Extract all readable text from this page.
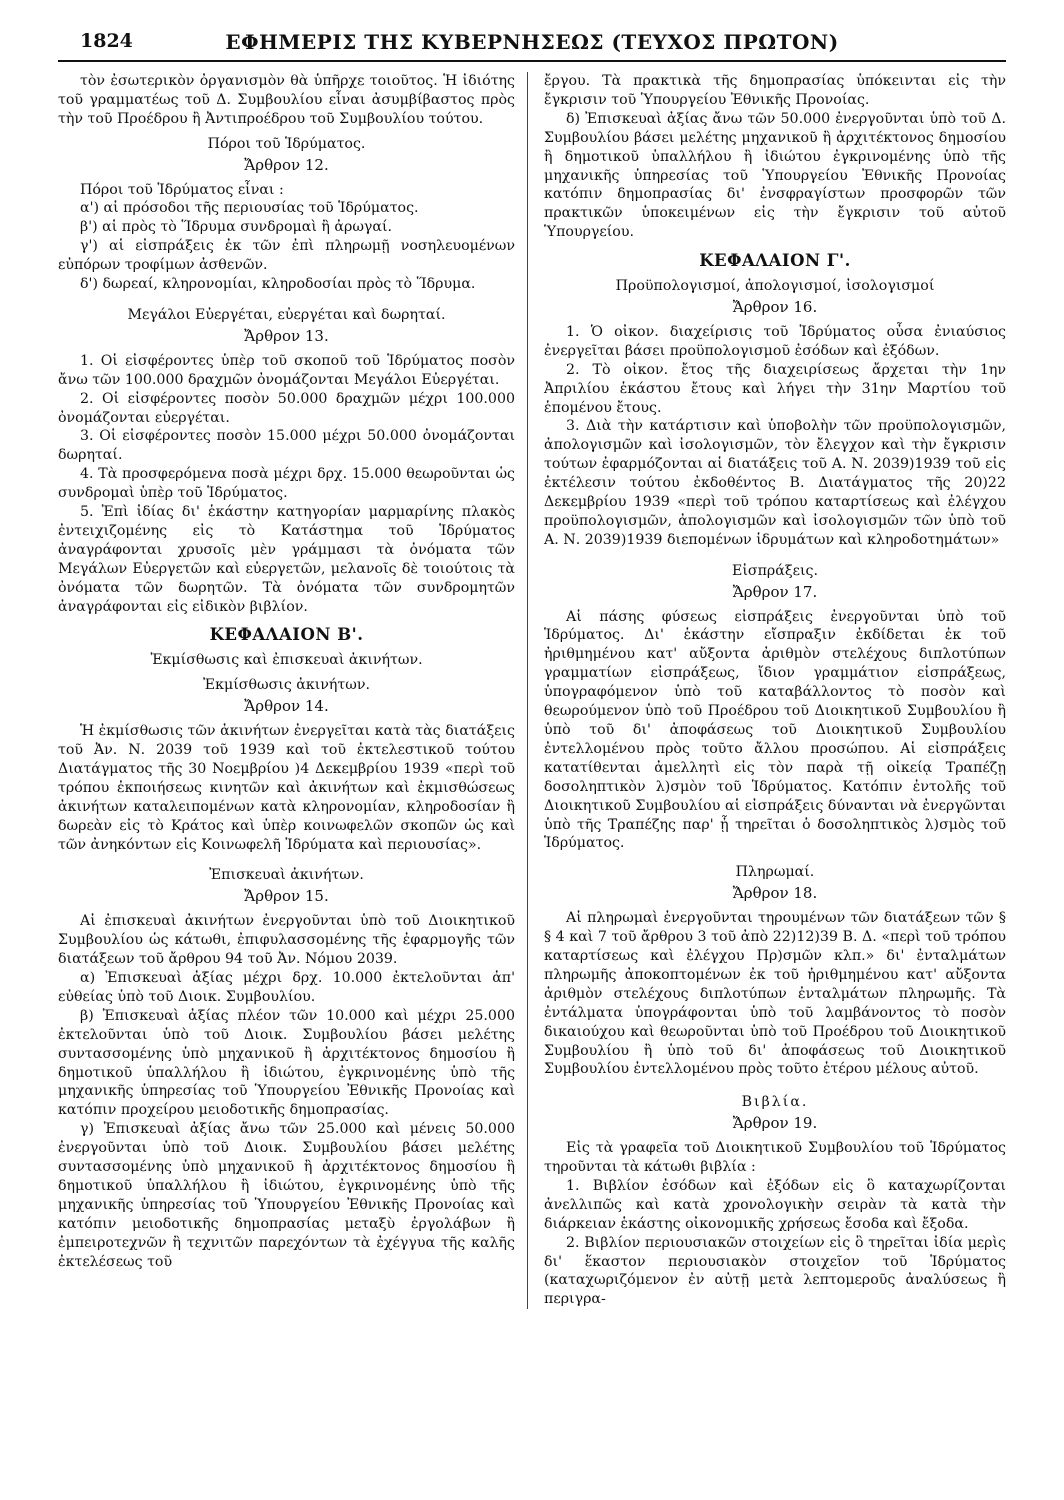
1824	ΕΦΗΜΕΡΙΣ ΤΗΣ ΚΥΒΕΡΝΗΣΕΩΣ (ΤΕΥΧΟΣ ΠΡΩΤΟΝ)

τὸν ἐσωτερικὸν ὀργανισμὸν θὰ ὑπῆρχε τοιοῦτος. Ἡ ἰδιότης τοῦ γραμματέως τοῦ Δ. Συμβουλίου εἶναι ἀσυμβίβαστος πρὸς τὴν τοῦ Προέδρου ἢ Ἀντιπροέδρου τοῦ Συμβουλίου τούτου.

Πόροι τοῦ Ἱδρύματος.
Ἄρθρον 12.

Πόροι τοῦ Ἱδρύματος εἶναι :

α') αἱ πρόσοδοι τῆς περιουσίας τοῦ Ἱδρύματος.

β') αἱ πρὸς τὸ Ἵδρυμα συνδρομαὶ ἢ ἀρωγαί.

γ') αἱ εἰσπράξεις ἐκ τῶν ἐπὶ πληρωμῇ νοσηλευομένων εὐπόρων τροφίμων ἀσθενῶν.

δ') δωρεαί, κληρονομίαι, κληροδοσίαι πρὸς τὸ Ἵδρυμα.

Μεγάλοι Εὐεργέται, εὐεργέται καὶ δωρηταί.
Ἄρθρον 13.

1. Οἱ εἰσφέροντες ὑπὲρ τοῦ σκοποῦ τοῦ Ἱδρύματος ποσὸν ἄνω τῶν 100.000 δραχμῶν ὀνομάζονται Μεγάλοι Εὐεργέται.

2. Οἱ εἰσφέροντες ποσὸν 50.000 δραχμῶν μέχρι 100.000 ὀνομάζονται εὐεργέται.

3. Οἱ εἰσφέροντες ποσὸν 15.000 μέχρι 50.000 ὀνομάζονται δωρηταί.

4. Τὰ προσφερόμενα ποσὰ μέχρι δρχ. 15.000 θεωροῦνται ὡς συνδρομαὶ ὑπὲρ τοῦ Ἱδρύματος.

5. Ἐπὶ ἰδίας δι' ἑκάστην κατηγορίαν μαρμαρίνης πλακὸς ἐντειχιζομένης εἰς τὸ Κατάστημα τοῦ Ἱδρύματος ἀναγράφονται χρυσοῖς μὲν γράμμασι τὰ ὀνόματα τῶν Μεγάλων Εὐεργετῶν καὶ εὐεργετῶν, μελανοῖς δὲ τοιούτοις τὰ ὀνόματα τῶν δωρητῶν. Τὰ ὀνόματα τῶν συνδρομητῶν ἀναγράφονται εἰς εἰδικὸν βιβλίον.

ΚΕΦΑΛΑΙΟΝ Β'.
Ἐκμίσθωσις καὶ ἐπισκευαὶ ἀκινήτων.
Ἐκμίσθωσις ἀκινήτων.
Ἄρθρον 14.

Ἡ ἐκμίσθωσις τῶν ἀκινήτων ἐνεργεῖται κατὰ τὰς διατάξεις τοῦ Ἀν. Ν. 2039 τοῦ 1939 καὶ τοῦ ἐκτελεστικοῦ τούτου Διατάγματος τῆς 30 Νοεμβρίου )4 Δεκεμβρίου 1939 «περὶ τοῦ τρόπου ἐκποιήσεως κινητῶν καὶ ἀκινήτων καὶ ἐκμισθώσεως ἀκινήτων καταλειπομένων κατὰ κληρονομίαν, κληροδοσίαν ἢ δωρεὰν εἰς τὸ Κράτος καὶ ὑπὲρ κοινωφελῶν σκοπῶν ὡς καὶ τῶν ἀνηκόντων εἰς Κοινωφελῆ Ἱδρύματα καὶ περιουσίας».

Ἐπισκευαὶ ἀκινήτων.
Ἄρθρον 15.

Αἱ ἐπισκευαὶ ἀκινήτων ἐνεργοῦνται ὑπὸ τοῦ Διοικητικοῦ Συμβουλίου ὡς κάτωθι, ἐπιφυλασσομένης τῆς ἐφαρμογῆς τῶν διατάξεων τοῦ ἄρθρου 94 τοῦ Ἀν. Νόμου 2039.

α) Ἐπισκευαὶ ἀξίας μέχρι δρχ. 10.000 ἐκτελοῦνται ἀπ' εὐθείας ὑπὸ τοῦ Διοικ. Συμβουλίου.

β) Ἐπισκευαὶ ἀξίας πλέον τῶν 10.000 καὶ μέχρι 25.000 ἐκτελοῦνται ὑπὸ τοῦ Διοικ. Συμβουλίου βάσει μελέτης συντασσομένης ὑπὸ μηχανικοῦ ἢ ἀρχιτέκτονος δημοσίου ἢ δημοτικοῦ ὑπαλλήλου ἢ ἰδιώτου, ἐγκρινομένης ὑπὸ τῆς μηχανικῆς ὑπηρεσίας τοῦ Ὑπουργείου Ἐθνικῆς Προνοίας καὶ κατόπιν προχείρου μειοδοτικῆς δημοπρασίας.

γ) Ἐπισκευαὶ ἀξίας ἄνω τῶν 25.000 καὶ μένεις 50.000 ἐνεργοῦνται ὑπὸ τοῦ Διοικ. Συμβουλίου βάσει μελέτης συντασσομένης ὑπὸ μηχανικοῦ ἢ ἀρχιτέκτονος δημοσίου ἢ δημοτικοῦ ὑπαλλήλου ἢ ἰδιώτου, ἐγκρινομένης ὑπὸ τῆς μηχανικῆς ὑπηρεσίας τοῦ Ὑπουργείου Ἐθνικῆς Προνοίας καὶ κατόπιν μειοδοτικῆς δημοπρασίας μεταξὺ ἐργολάβων ἢ ἐμπειροτεχνῶν ἢ τεχνιτῶν παρεχόντων τὰ ἐχέγγυα τῆς καλῆς ἐκτελέσεως τοῦ

ἔργου. Τὰ πρακτικὰ τῆς δημοπρασίας ὑπόκεινται εἰς τὴν ἔγκρισιν τοῦ Ὑπουργείου Ἐθνικῆς Προνοίας.

δ) Ἐπισκευαὶ ἀξίας ἄνω τῶν 50.000 ἐνεργοῦνται ὑπὸ τοῦ Δ. Συμβουλίου βάσει μελέτης μηχανικοῦ ἢ ἀρχιτέκτονος δημοσίου ἢ δημοτικοῦ ὑπαλλήλου ἢ ἰδιώτου ἐγκρινομένης ὑπὸ τῆς μηχανικῆς ὑπηρεσίας τοῦ Ὑπουργείου Ἐθνικῆς Προνοίας κατόπιν δημοπρασίας δι' ἐνσφραγίστων προσφορῶν τῶν πρακτικῶν ὑποκειμένων εἰς τὴν ἔγκρισιν τοῦ αὐτοῦ Ὑπουργείου.

ΚΕΦΑΛΑΙΟΝ Γ'.
Προϋπολογισμοί, ἀπολογισμοί, ἰσολογισμοί
Ἄρθρον 16.

1. Ὁ οἰκον. διαχείρισις τοῦ Ἱδρύματος οὖσα ἐνιαύσιος ἐνεργεῖται βάσει προϋπολογισμοῦ ἐσόδων καὶ ἐξόδων.

2. Τὸ οἰκον. ἔτος τῆς διαχειρίσεως ἄρχεται τὴν 1ην Ἀπριλίου ἑκάστου ἔτους καὶ λήγει τὴν 31ην Μαρτίου τοῦ ἑπομένου ἔτους.

3. Διὰ τὴν κατάρτισιν καὶ ὑποβολὴν τῶν προϋπολογισμῶν, ἀπολογισμῶν καὶ ἰσολογισμῶν, τὸν ἔλεγχον καὶ τὴν ἔγκρισιν τούτων ἐφαρμόζονται αἱ διατάξεις τοῦ Α. Ν. 2039)1939 τοῦ εἰς ἐκτέλεσιν τούτου ἐκδοθέντος Β. Διατάγματος τῆς 20)22 Δεκεμβρίου 1939 «περὶ τοῦ τρόπου καταρτίσεως καὶ ἐλέγχου προϋπολογισμῶν, ἀπολογισμῶν καὶ ἰσολογισμῶν τῶν ὑπὸ τοῦ Α. Ν. 2039)1939 διεπομένων ἱδρυμάτων καὶ κληροδοτημάτων»

Εἰσπράξεις.
Ἄρθρον 17.

Αἱ πάσης φύσεως εἰσπράξεις ἐνεργοῦνται ὑπὸ τοῦ Ἱδρύματος. Δι' ἑκάστην εἴσπραξιν ἐκδίδεται ἐκ τοῦ ἠριθμημένου κατ' αὔξοντα ἀριθμὸν στελέχους διπλοτύπων γραμματίων εἰσπράξεως, ἴδιον γραμμάτιον εἰσπράξεως, ὑπογραφόμενον ὑπὸ τοῦ καταβάλλοντος τὸ ποσὸν καὶ θεωρούμενον ὑπὸ τοῦ Προέδρου τοῦ Διοικητικοῦ Συμβουλίου ἢ ὑπὸ τοῦ δι' ἀποφάσεως τοῦ Διοικητικοῦ Συμβουλίου ἐντελλομένου πρὸς τοῦτο ἄλλου προσώπου. Αἱ εἰσπράξεις κατατίθενται ἀμελλητὶ εἰς τὸν παρὰ τῇ οἰκείᾳ Τραπέζῃ δοσοληπτικὸν λ)σμὸν τοῦ Ἱδρύματος. Κατόπιν ἐντολῆς τοῦ Διοικητικοῦ Συμβουλίου αἱ εἰσπράξεις δύνανται νὰ ἐνεργῶνται ὑπὸ τῆς Τραπέζης παρ' ᾗ τηρεῖται ὁ δοσοληπτικὸς λ)σμὸς τοῦ Ἱδρύματος.

Πληρωμαί.
Ἄρθρον 18.

Αἱ πληρωμαὶ ἐνεργοῦνται τηρουμένων τῶν διατάξεων τῶν § § 4 καὶ 7 τοῦ ἄρθρου 3 τοῦ ἀπὸ 22)12)39 Β. Δ. «περὶ τοῦ τρόπου καταρτίσεως καὶ ἐλέγχου Πρ)σμῶν κλπ.» δι' ἐνταλμάτων πληρωμῆς ἀποκοπτομένων ἐκ τοῦ ἠριθμημένου κατ' αὔξοντα ἀριθμὸν στελέχους διπλοτύπων ἐνταλμάτων πληρωμῆς. Τὰ ἐντάλματα ὑπογράφονται ὑπὸ τοῦ λαμβάνοντος τὸ ποσὸν δικαιούχου καὶ θεωροῦνται ὑπὸ τοῦ Προέδρου τοῦ Διοικητικοῦ Συμβουλίου ἢ ὑπὸ τοῦ δι' ἀποφάσεως τοῦ Διοικητικοῦ Συμβουλίου ἐντελλομένου πρὸς τοῦτο ἑτέρου μέλους αὐτοῦ.

Βιβλία.
Ἄρθρον 19.

Εἰς τὰ γραφεῖα τοῦ Διοικητικοῦ Συμβουλίου τοῦ Ἱδρύματος τηροῦνται τὰ κάτωθι βιβλία :

1. Βιβλίον ἐσόδων καὶ ἐξόδων εἰς ὃ καταχωρίζονται ἀνελλιπῶς καὶ κατὰ χρονολογικὴν σειρὰν τὰ κατὰ τὴν διάρκειαν ἑκάστης οἰκονομικῆς χρήσεως ἔσοδα καὶ ἔξοδα.

2. Βιβλίον περιουσιακῶν στοιχείων εἰς ὃ τηρεῖται ἰδία μερὶς δι' ἕκαστον περιουσιακὸν στοιχεῖον τοῦ Ἱδρύματος (καταχωριζόμενον ἐν αὐτῇ μετὰ λεπτομεροῦς ἀναλύσεως ἢ περιγρα-
